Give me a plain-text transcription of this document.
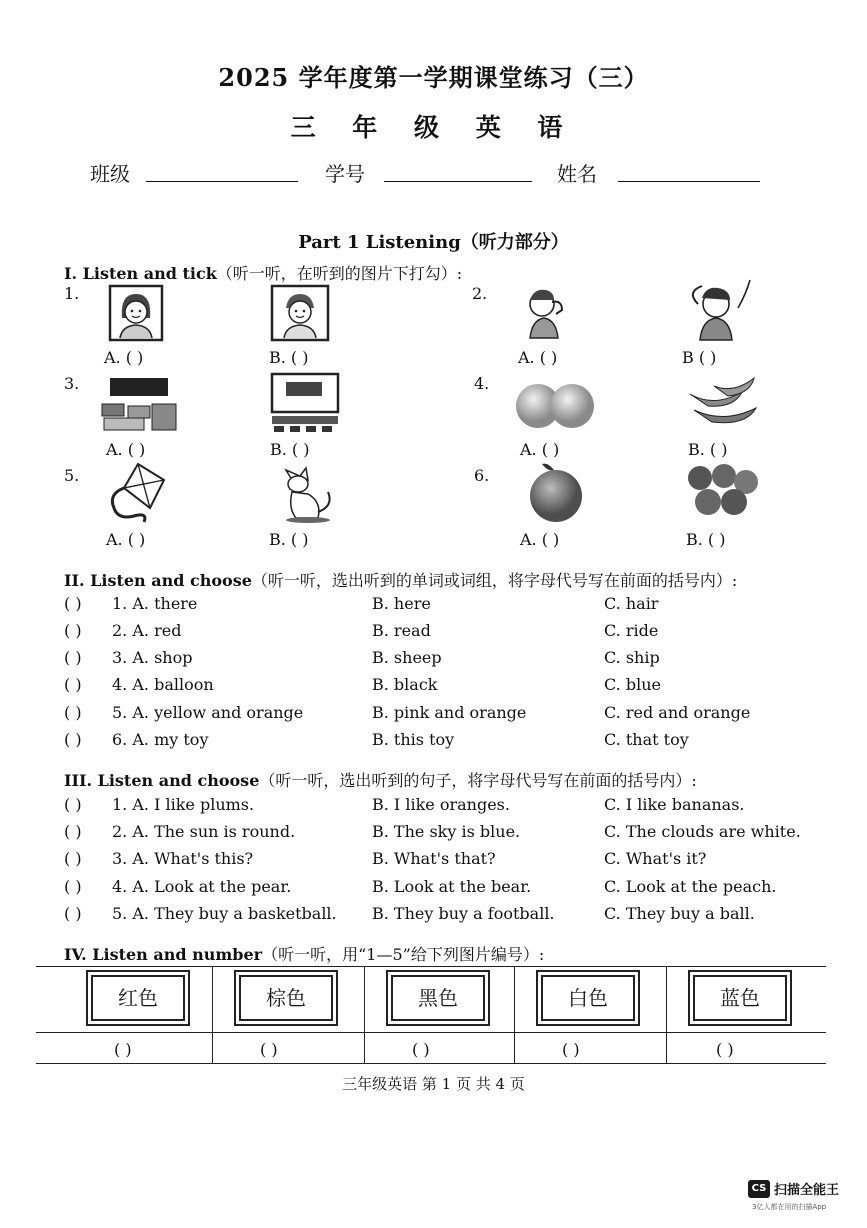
2025 学年度第一学期课堂练习（三）
三 年 级 英 语
班级	学号	姓名
Part 1 Listening（听力部分）
I. Listen and tick（听一听，在听到的图片下打勾）:
1.
A. ( )	B. ( )
2.
A. ( )	B ( )
3.
A. ( )	B. ( )
4.
A. ( )	B. ( )
5.
A. ( )	B. ( )
6.
A. ( )	B. ( )
II. Listen and choose（听一听，选出听到的单词或词组，将字母代号写在前面的括号内）:
( ) 1. A. there	B. here	C. hair
( ) 2. A. red	B. read	C. ride
( ) 3. A. shop	B. sheep	C. ship
( ) 4. A. balloon	B. black	C. blue
( ) 5. A. yellow and orange	B. pink and orange	C. red and orange
( ) 6. A. my toy	B. this toy	C. that toy
III. Listen and choose（听一听，选出听到的句子，将字母代号写在前面的括号内）:
( ) 1. A. I like plums.	B. I like oranges.	C. I like bananas.
( ) 2. A. The sun is round.	B. The sky is blue.	C. The clouds are white.
( ) 3. A. What's this?	B. What's that?	C. What's it?
( ) 4. A. Look at the pear.	B. Look at the bear.	C. Look at the peach.
( ) 5. A. They buy a basketball. B. They buy a football.	C. They buy a ball.
IV. Listen and number（听一听，用“1—5”给下列图片编号）:
红色	棕色	黑色	白色	蓝色
( )	( )	( )	( )	( )
三年级英语 第 1 页 共 4 页
CS 扫描全能王
3亿人都在用的扫描App
